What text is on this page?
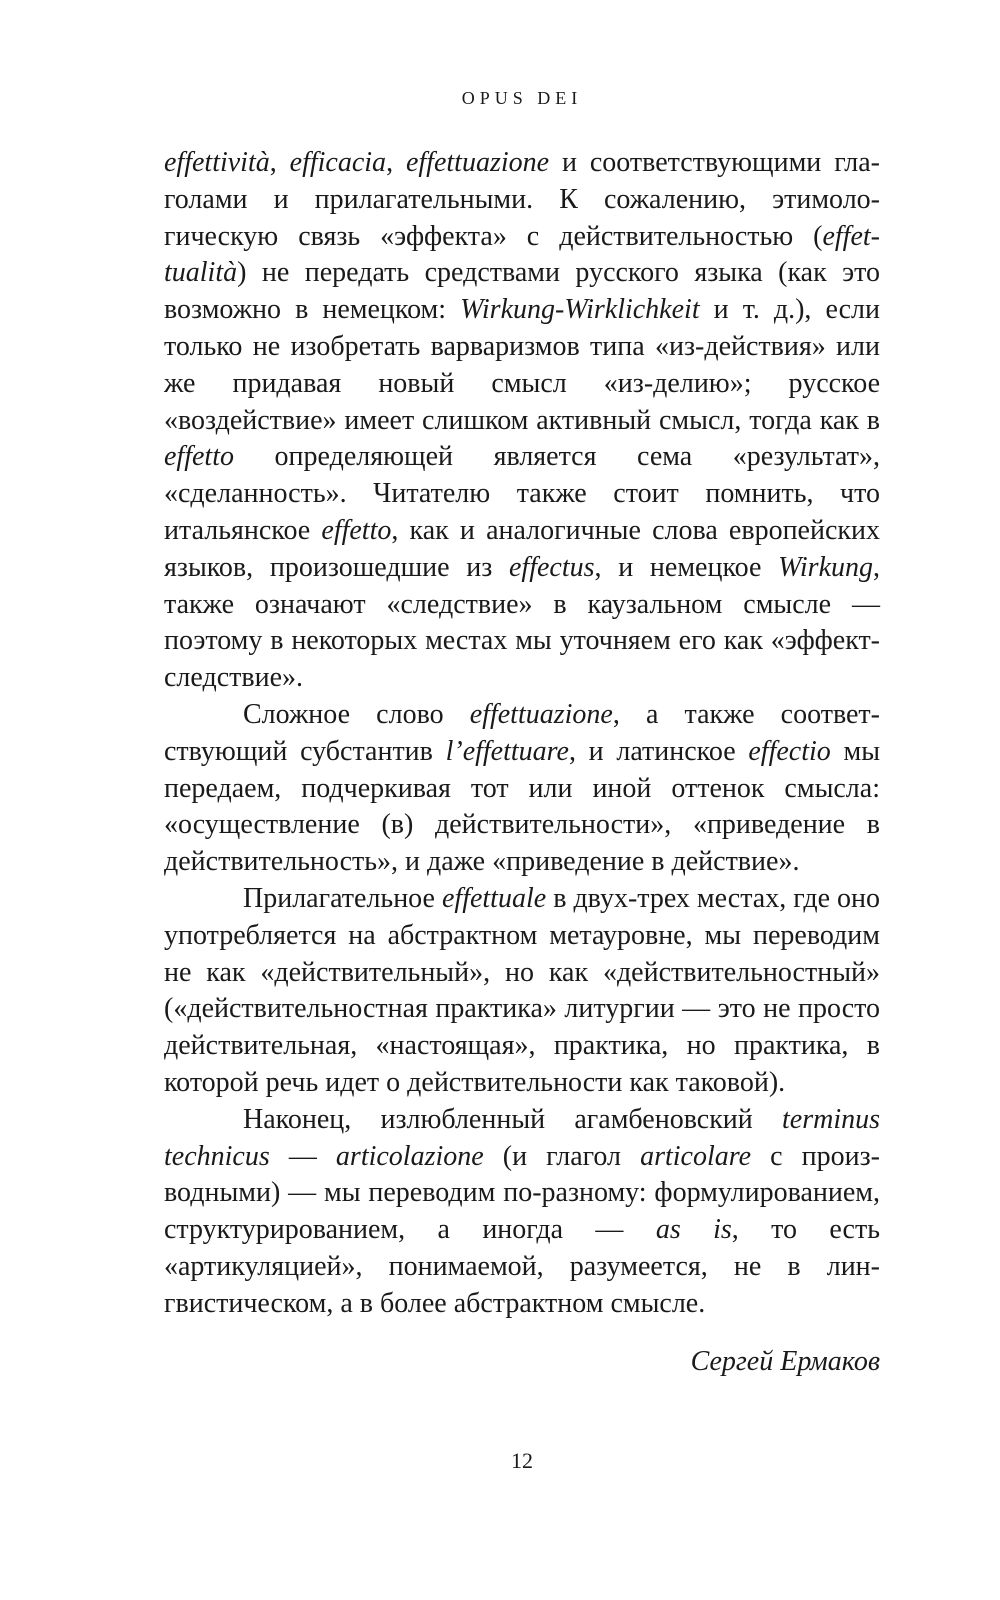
OPUS DEI

effettività, efficacia, effettuazione и соответствующими глаголами и прилагательными. К сожалению, этимологическую связь «эффекта» с действительностью (effettualità) не передать средствами русского языка (как это возможно в немецком: Wirkung-Wirklichkeit и т. д.), если только не изобретать варваризмов типа «из-действия» или же придавая новый смысл «из-делию»; русское «воздействие» имеет слишком активный смысл, тогда как в effetto определяющей является сема «результат», «сделанность». Читателю также стоит помнить, что итальянское effetto, как и аналогичные слова европейских языков, произошедшие из effectus, и немецкое Wirkung, также означают «следствие» в каузальном смысле — поэтому в некоторых местах мы уточняем его как «эффект-следствие».

Сложное слово effettuazione, а также соответствующий субстантив l’effettuare, и латинское effectio мы передаем, подчеркивая тот или иной оттенок смысла: «осуществление (в) действительности», «приведение в действительность», и даже «приведение в действие».

Прилагательное effettuale в двух-трех местах, где оно употребляется на абстрактном метауровне, мы переводим не как «действительный», но как «действительностный» («действительностная практика» литургии — это не просто действительная, «настоящая», практика, но практика, в которой речь идет о действительности как таковой).

Наконец, излюбленный агамбеновский terminus technicus — articolazione (и глагол articolare с производными) — мы переводим по-разному: формулированием, структурированием, а иногда — as is, то есть «артикуляцией», понимаемой, разумеется, не в лингвистическом, а в более абстрактном смысле.

Сергей Ермаков
12
